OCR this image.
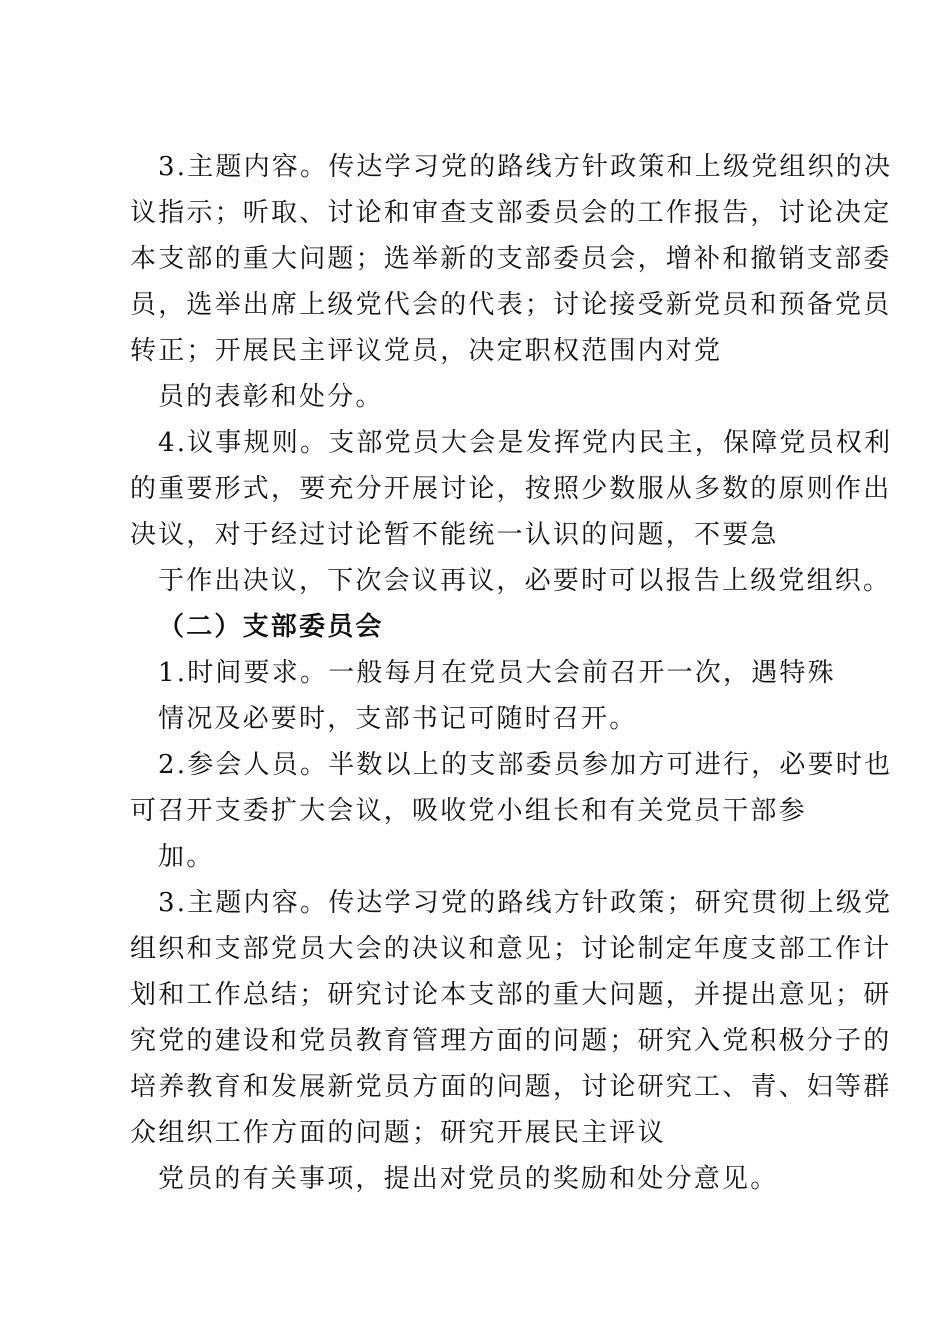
3.主题内容。传达学习党的路线方针政策和上级党组织的决
议指示；听取、讨论和审查支部委员会的工作报告，讨论决定
本支部的重大问题；选举新的支部委员会，增补和撤销支部委
员，选举出席上级党代会的代表；讨论接受新党员和预备党员
转正；开展民主评议党员，决定职权范围内对党
员的表彰和处分。
4.议事规则。支部党员大会是发挥党内民主，保障党员权利
的重要形式，要充分开展讨论，按照少数服从多数的原则作出
决议，对于经过讨论暂不能统一认识的问题，不要急
于作出决议，下次会议再议，必要时可以报告上级党组织。
（二）支部委员会
1.时间要求。一般每月在党员大会前召开一次，遇特殊
情况及必要时，支部书记可随时召开。
2.参会人员。半数以上的支部委员参加方可进行，必要时也
可召开支委扩大会议，吸收党小组长和有关党员干部参
加。
3.主题内容。传达学习党的路线方针政策；研究贯彻上级党
组织和支部党员大会的决议和意见；讨论制定年度支部工作计
划和工作总结；研究讨论本支部的重大问题，并提出意见；研
究党的建设和党员教育管理方面的问题；研究入党积极分子的
培养教育和发展新党员方面的问题，讨论研究工、青、妇等群
众组织工作方面的问题；研究开展民主评议
党员的有关事项，提出对党员的奖励和处分意见。
